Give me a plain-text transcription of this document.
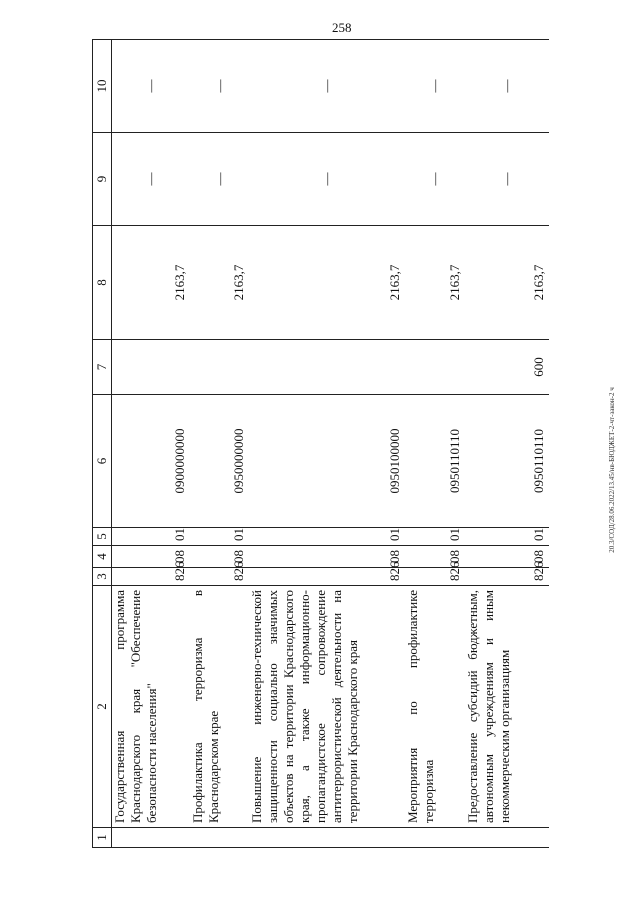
258
20.3/СОД/28.06.2022/13.45/нв-БЮДЖЕТ-2-чт-закон-2 ч
1	2	3	4	5	6	7	8	9	10
	Государственная программа Краснодарского края "Обеспечение безопасности населения"	826	08	01	0900000000		2163,7	—	—
	Профилактика терроризма в Краснодарском крае	826	08	01	0950000000		2163,7	—	—
	Повышение инженерно-технической защищенности социально значимых объектов на территории Краснодарского края, а также информационно-пропагандистское сопровождение антитеррористической деятельности на территории Краснодарского края	826	08	01	0950100000		2163,7	—	—
	Мероприятия по профилактике терроризма	826	08	01	0950110110		2163,7	—	—
	Предоставление субсидий бюджетным, автономным учреждениям и иным некоммерческим организациям	826	08	01	0950110110	600	2163,7	—	—
